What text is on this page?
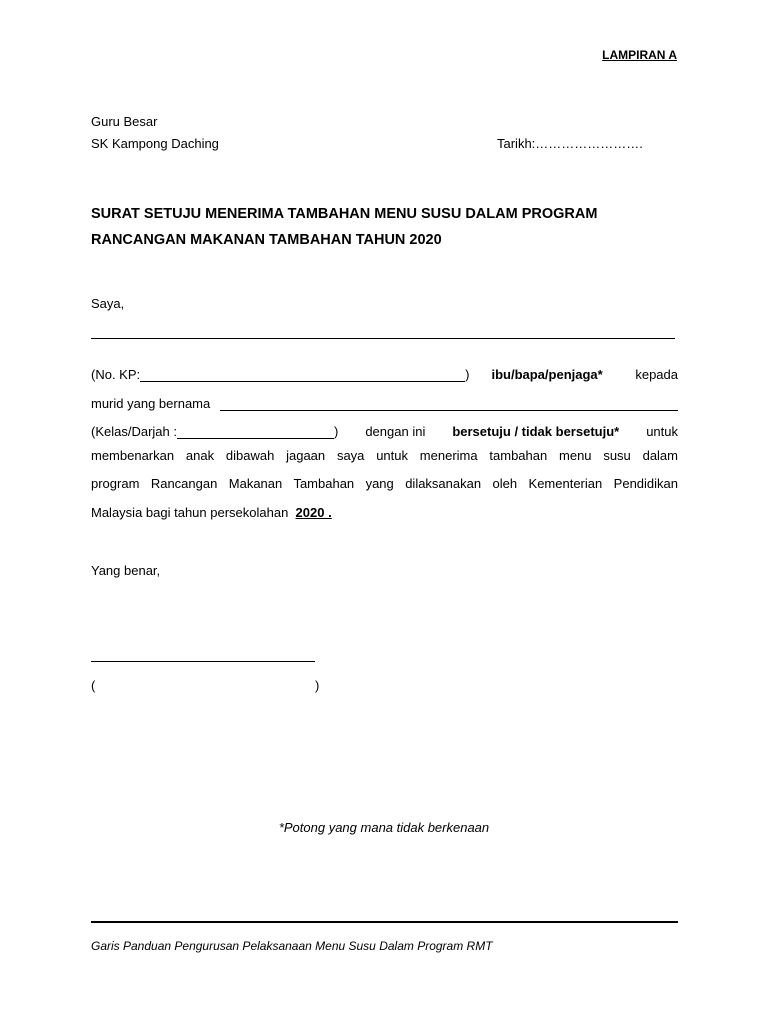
LAMPIRAN A
Guru Besar
SK Kampong Daching	Tarikh:…………………….
SURAT SETUJU MENERIMA TAMBAHAN MENU SUSU DALAM PROGRAM RANCANGAN MAKANAN TAMBAHAN TAHUN 2020
Saya,
(No. KP:	) ibu/bapa/penjaga*	kepada
murid yang bernama
(Kelas/Darjah :	) dengan ini bersetuju / tidak bersetuju* untuk
membenarkan anak dibawah jagaan saya untuk menerima tambahan menu susu dalam
program Rancangan Makanan Tambahan yang dilaksanakan oleh Kementerian Pendidikan
Malaysia bagi tahun persekolahan 2020 .
Yang benar,
(	)
*Potong yang mana tidak berkenaan
Garis Panduan Pengurusan Pelaksanaan Menu Susu Dalam Program RMT
